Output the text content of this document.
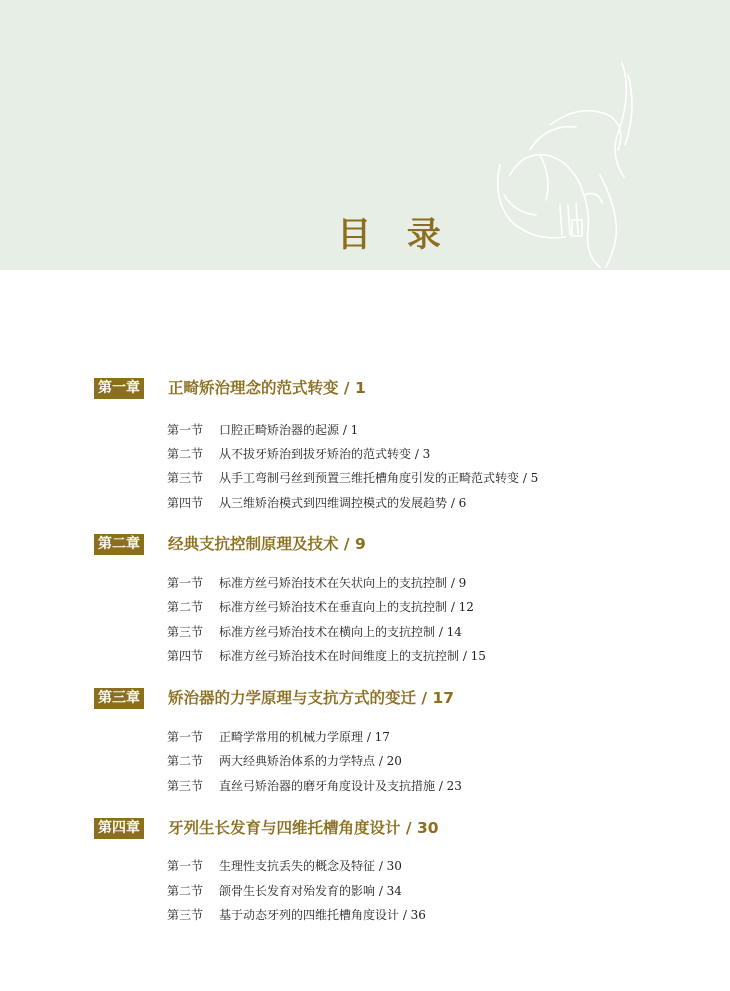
目 录
第一章 正畸矫治理念的范式转变 / 1
第一节 口腔正畸矫治器的起源 / 1
第二节 从不拔牙矫治到拔牙矫治的范式转变 / 3
第三节 从手工弯制弓丝到预置三维托槽角度引发的正畸范式转变 / 5
第四节 从三维矫治模式到四维调控模式的发展趋势 / 6
第二章 经典支抗控制原理及技术 / 9
第一节 标准方丝弓矫治技术在矢状向上的支抗控制 / 9
第二节 标准方丝弓矫治技术在垂直向上的支抗控制 / 12
第三节 标准方丝弓矫治技术在横向上的支抗控制 / 14
第四节 标准方丝弓矫治技术在时间维度上的支抗控制 / 15
第三章 矫治器的力学原理与支抗方式的变迁 / 17
第一节 正畸学常用的机械力学原理 / 17
第二节 两大经典矫治体系的力学特点 / 20
第三节 直丝弓矫治器的磨牙角度设计及支抗措施 / 23
第四章 牙列生长发育与四维托槽角度设计 / 30
第一节 生理性支抗丢失的概念及特征 / 30
第二节 颌骨生长发育对殆发育的影响 / 34
第三节 基于动态牙列的四维托槽角度设计 / 36
